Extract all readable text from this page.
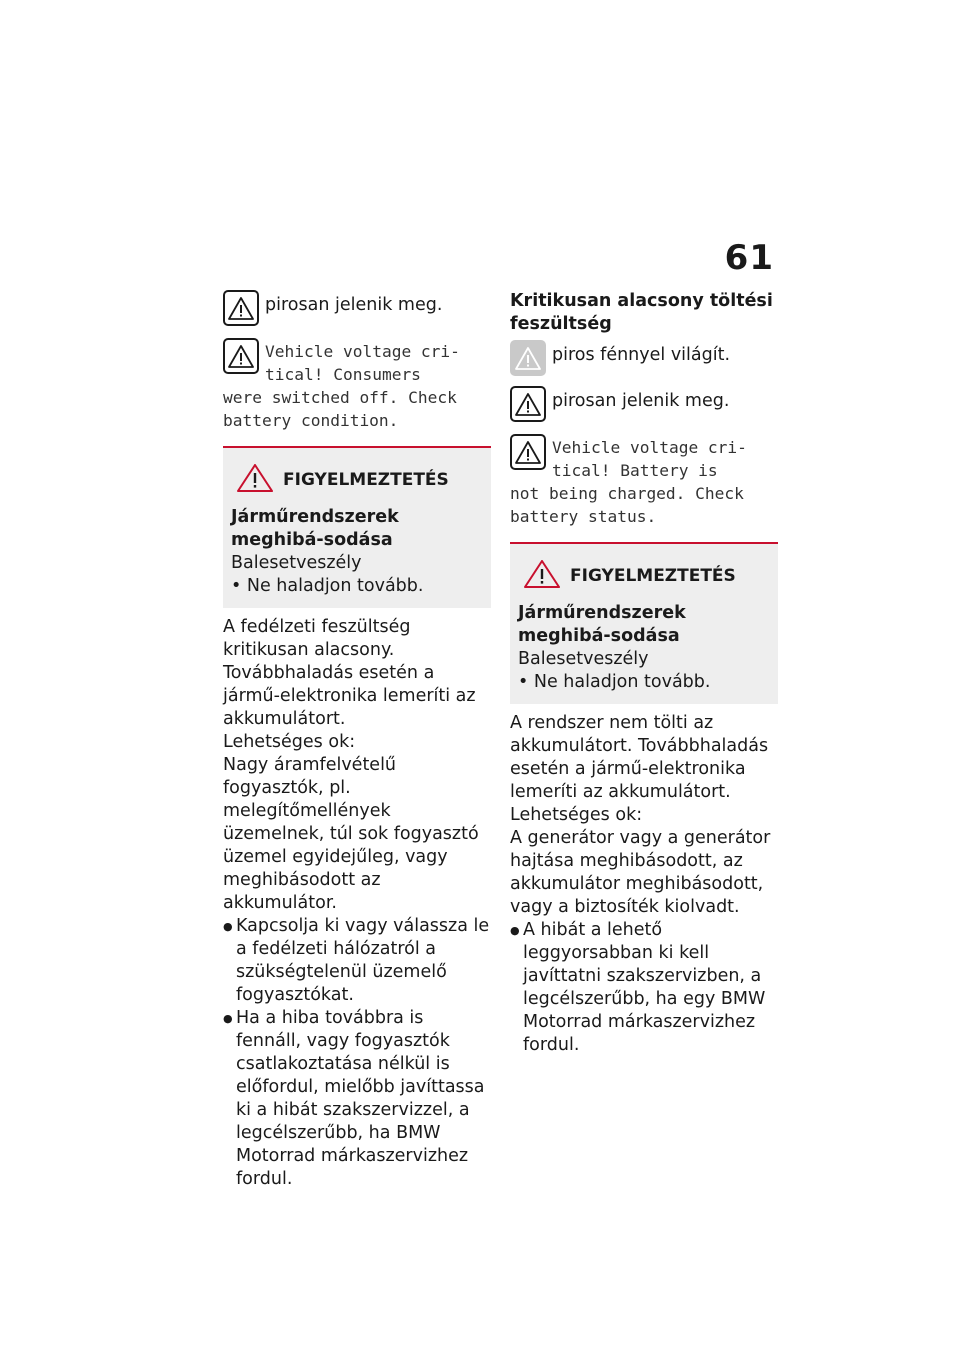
61

pirosan jelenik meg.

Vehicle voltage cri-
tical! Consumers
were switched off. Check
battery condition.
FIGYELMEZTETÉS

Járműrendszerek meghibá-sodása

Balesetveszély

• Ne haladjon tovább.

A fedélzeti feszültség kritikusan alacsony. Továbbhaladás esetén a jármű-elektronika lemeríti az akkumulátort.

Lehetséges ok:

Nagy áramfelvételű fogyasztók, pl. melegítőmellények üzemelnek, túl sok fogyasztó üzemel egyidejűleg, vagy meghibásodott az akkumulátor.

● Kapcsolja ki vagy válassza le a fedélzeti hálózatról a szükségtelenül üzemelő fogyasztókat.
● Ha a hiba továbbra is fennáll, vagy fogyasztók csatlakoztatása nélkül is előfordul, mielőbb javíttassa ki a hibát szakszervizzel, a legcélszerűbb, ha BMW Motorrad márkaszervizhez fordul.

Kritikusan alacsony töltési feszültség

piros fénnyel világít.

pirosan jelenik meg.

Vehicle voltage cri-
tical! Battery is
not being charged. Check
battery status.
FIGYELMEZTETÉS

Járműrendszerek meghibá-sodása

Balesetveszély

• Ne haladjon tovább.

A rendszer nem tölti az akkumulátort. Továbbhaladás esetén a jármű-elektronika lemeríti az akkumulátort.

Lehetséges ok:

A generátor vagy a generátor hajtása meghibásodott, az akkumulátor meghibásodott, vagy a biztosíték kiolvadt.

● A hibát a lehető leggyorsabban ki kell javíttatni szakszervizben, a legcélszerűbb, ha egy BMW Motorrad márkaszervizhez fordul.
